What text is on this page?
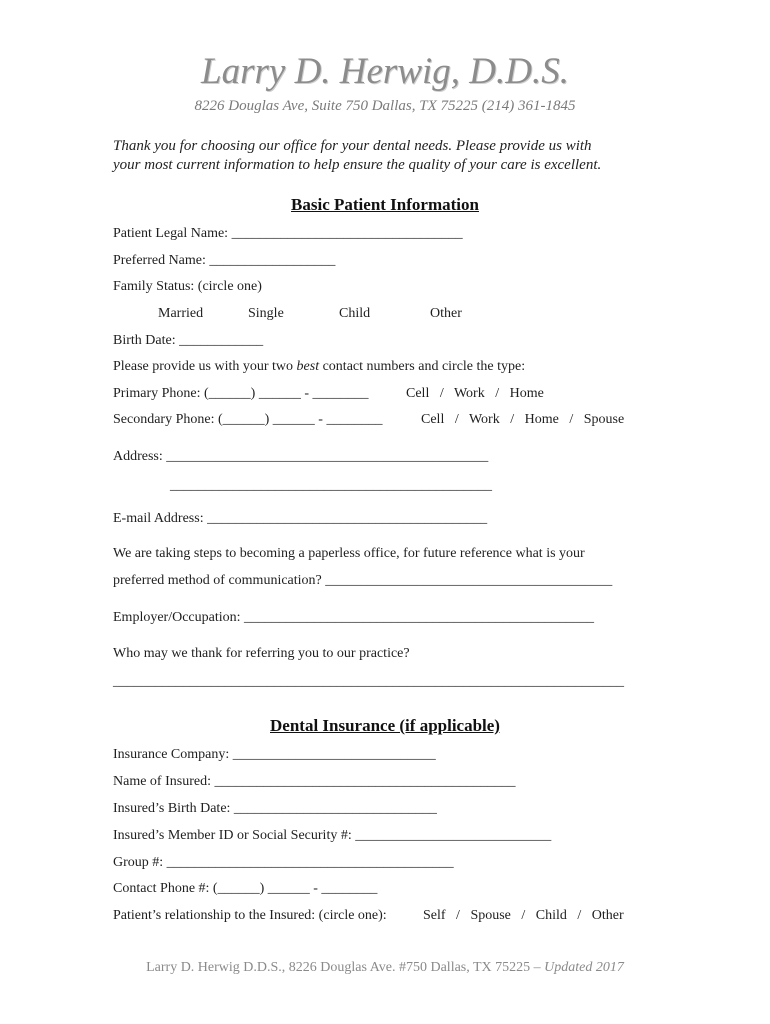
Larry D. Herwig, D.D.S.
8226 Douglas Ave, Suite 750 Dallas, TX 75225 (214) 361-1845
Thank you for choosing our office for your dental needs. Please provide us with
your most current information to help ensure the quality of your care is excellent.
Basic Patient Information
Patient Legal Name: _________________________________
Preferred Name: __________________
Family Status: (circle one)
Married	Single	Child	Other
Birth Date: ____________
Please provide us with your two best contact numbers and circle the type:
Primary Phone: (______) ______ - ________	Cell   /   Work   /   Home
Secondary Phone: (______) ______ - ________	Cell   /   Work   /   Home   /   Spouse
Address: ______________________________________________
______________________________________________
E-mail Address: ________________________________________
We are taking steps to becoming a paperless office, for future reference what is your
preferred method of communication? _________________________________________
Employer/Occupation: __________________________________________________
Who may we thank for referring you to our practice?
_________________________________________________________________________
Dental Insurance (if applicable)
Insurance Company: _____________________________
Name of Insured: ___________________________________________
Insured’s Birth Date: _____________________________
Insured’s Member ID or Social Security #: ____________________________
Group #: _________________________________________
Contact Phone #: (______) ______ - ________
Patient’s relationship to the Insured: (circle one):	Self   /   Spouse   /   Child   /   Other
Larry D. Herwig D.D.S., 8226 Douglas Ave. #750 Dallas, TX 75225 – Updated 2017
